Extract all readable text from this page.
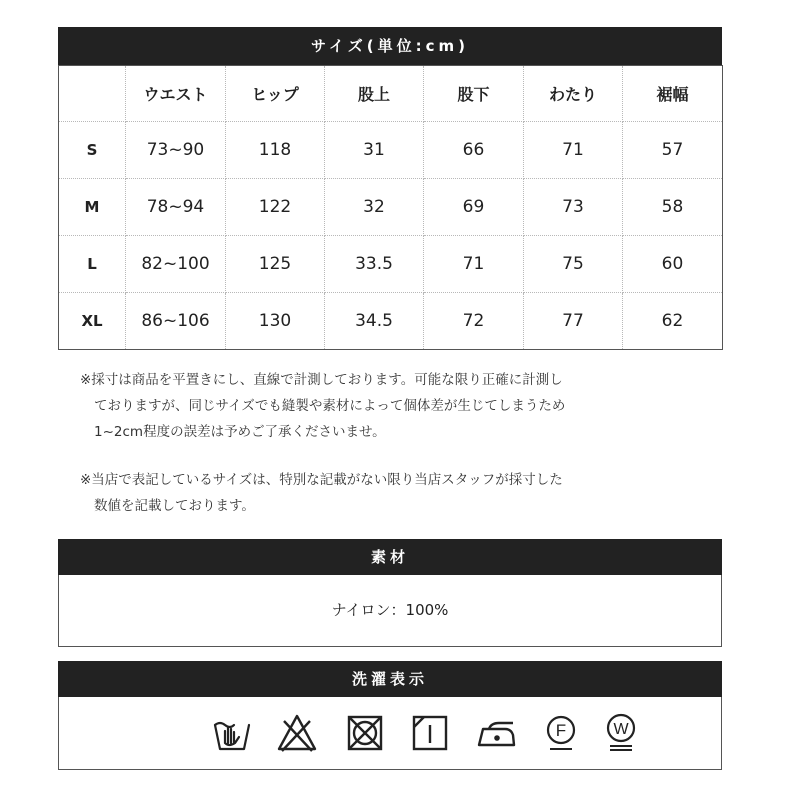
サイズ(単位:cm)
	ウエスト	ヒップ	股上	股下	わたり	裾幅
S	73~90	118	31	66	71	57
M	78~94	122	32	69	73	58
L	82~100	125	33.5	71	75	60
XL	86~106	130	34.5	72	77	62
※採寸は商品を平置きにし、直線で計測しております。可能な限り正確に計測し
ておりますが、同じサイズでも縫製や素材によって個体差が生じてしまうため
1~2cm程度の誤差は予めご了承くださいませ。
※当店で表記しているサイズは、特別な記載がない限り当店スタッフが採寸した
数値を記載しております。
素材
ナイロン：100%
洗濯表示
F	W
